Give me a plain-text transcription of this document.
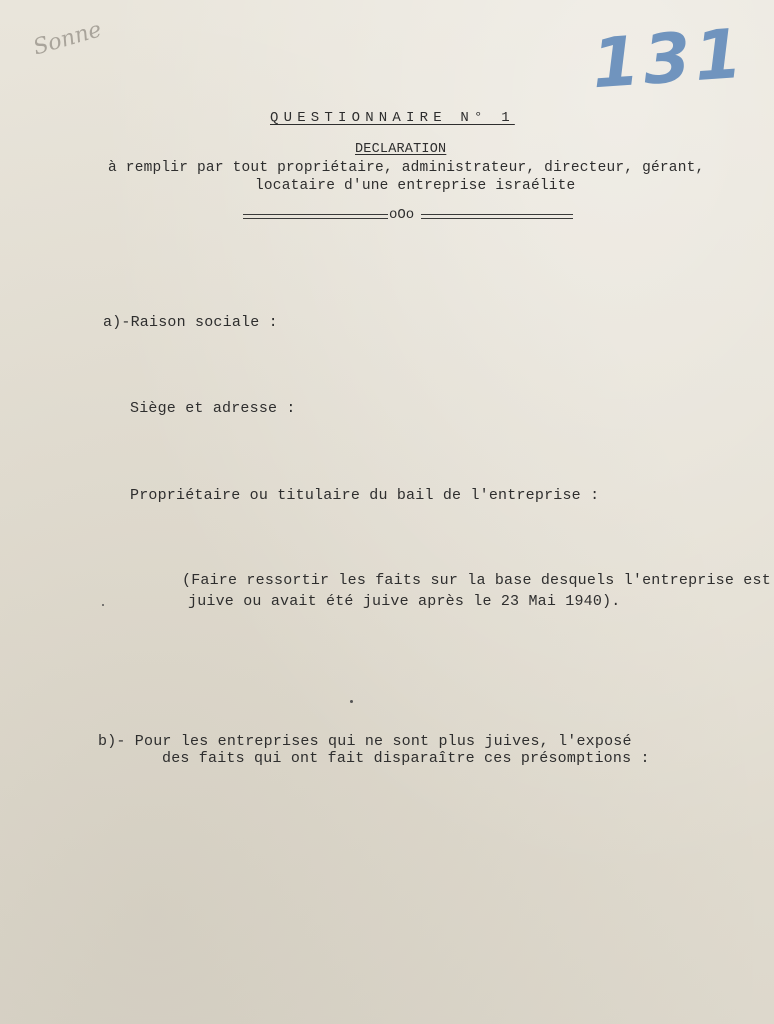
Sonne	131
QUESTIONNAIRE N° 1
DECLARATION
à remplir par tout propriétaire, administrateur, directeur, gérant,
locataire d'une entreprise israélite
oOo
a)-Raison sociale :
Siège et adresse :
Propriétaire ou titulaire du bail de l'entreprise :
(Faire ressortir les faits sur la base desquels l'entreprise est
juive ou avait été juive après le 23 Mai 1940).
b)- Pour les entreprises qui ne sont plus juives, l'exposé
des faits qui ont fait disparaître ces présomptions :
